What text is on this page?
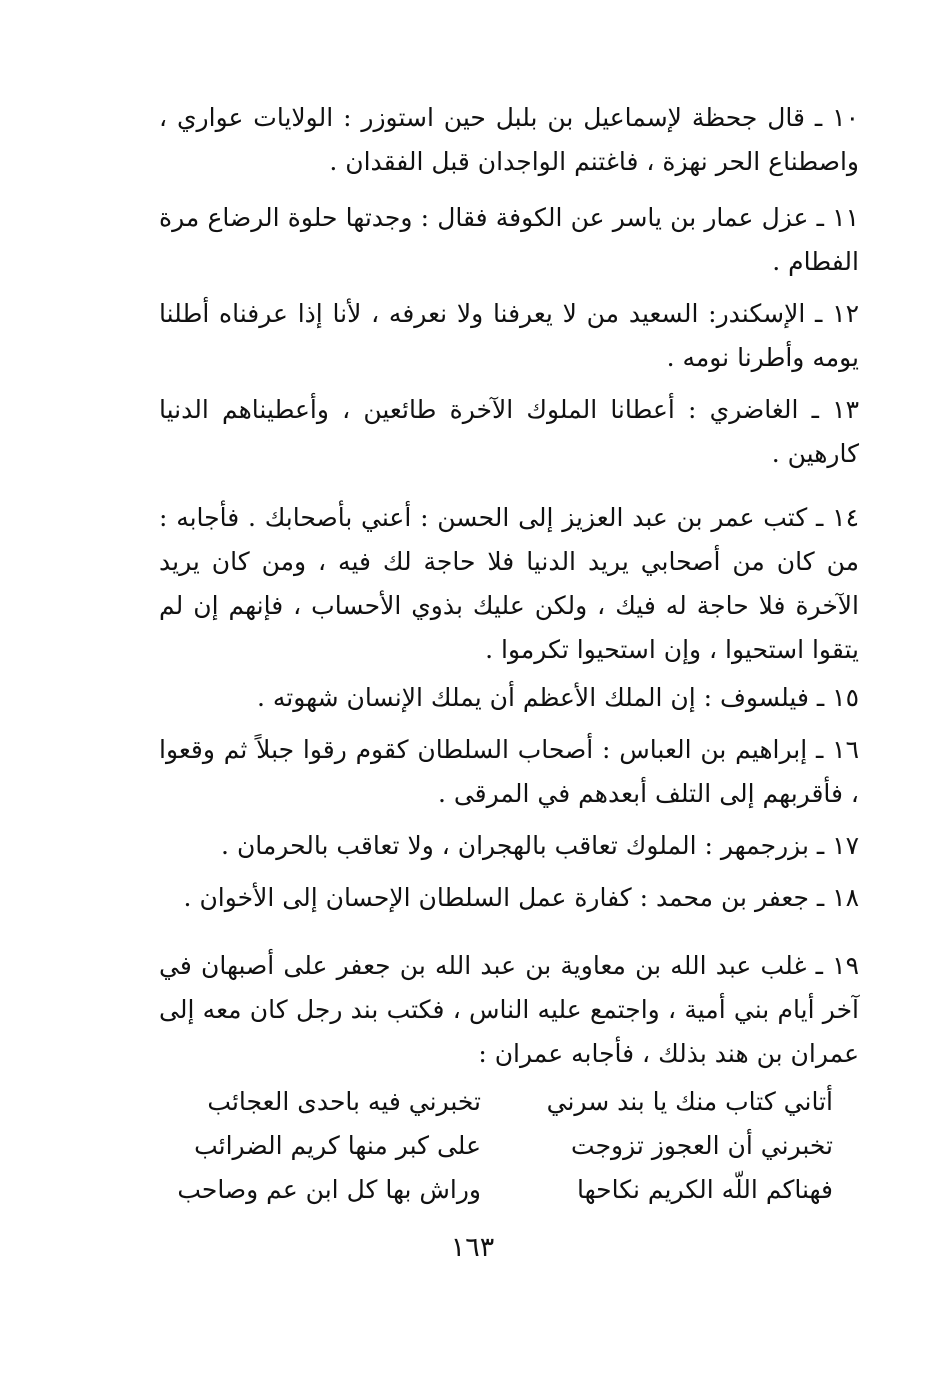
١٠ ـ قال جحظة لإسماعيل بن بلبل حين استوزر : الولايات عواري ، واصطناع الحر نهزة ، فاغتنم الواجدان قبل الفقدان .

١١ ـ عزل عمار بن ياسر عن الكوفة فقال : وجدتها حلوة الرضاع مرة الفطام .

١٢ ـ الإسكندر: السعيد من لا يعرفنا ولا نعرفه ، لأنا إذا عرفناه أطلنا يومه وأطرنا نومه .

١٣ ـ الغاضري : أعطانا الملوك الآخرة طائعين ، وأعطيناهم الدنيا كارهين .

١٤ ـ كتب عمر بن عبد العزيز إلى الحسن : أعني بأصحابك . فأجابه : من كان من أصحابي يريد الدنيا فلا حاجة لك فيه ، ومن كان يريد الآخرة فلا حاجة له فيك ، ولكن عليك بذوي الأحساب ، فإنهم إن لم يتقوا استحيوا ، وإن استحيوا تكرموا .

١٥ ـ فيلسوف : إن الملك الأعظم أن يملك الإنسان شهوته .

١٦ ـ إبراهيم بن العباس : أصحاب السلطان كقوم رقوا جبلاً ثم وقعوا ، فأقربهم إلى التلف أبعدهم في المرقى .

١٧ ـ بزرجمهر : الملوك تعاقب بالهجران ، ولا تعاقب بالحرمان .

١٨ ـ جعفر بن محمد : كفارة عمل السلطان الإحسان إلى الأخوان .

١٩ ـ غلب عبد الله بن معاوية بن عبد الله بن جعفر على أصبهان في آخر أيام بني أمية ، واجتمع عليه الناس ، فكتب بند رجل كان معه إلى عمران بن هند بذلك ، فأجابه عمران :

أتاني كتاب منك يا بند سرني
تخبرني فيه باحدى العجائب
تخبرني أن العجوز تزوجت
على كبر منها كريم الضرائب
فهناكم اللّه الكريم نكاحها
وراش بها كل ابن عم وصاحب
١٦٣
